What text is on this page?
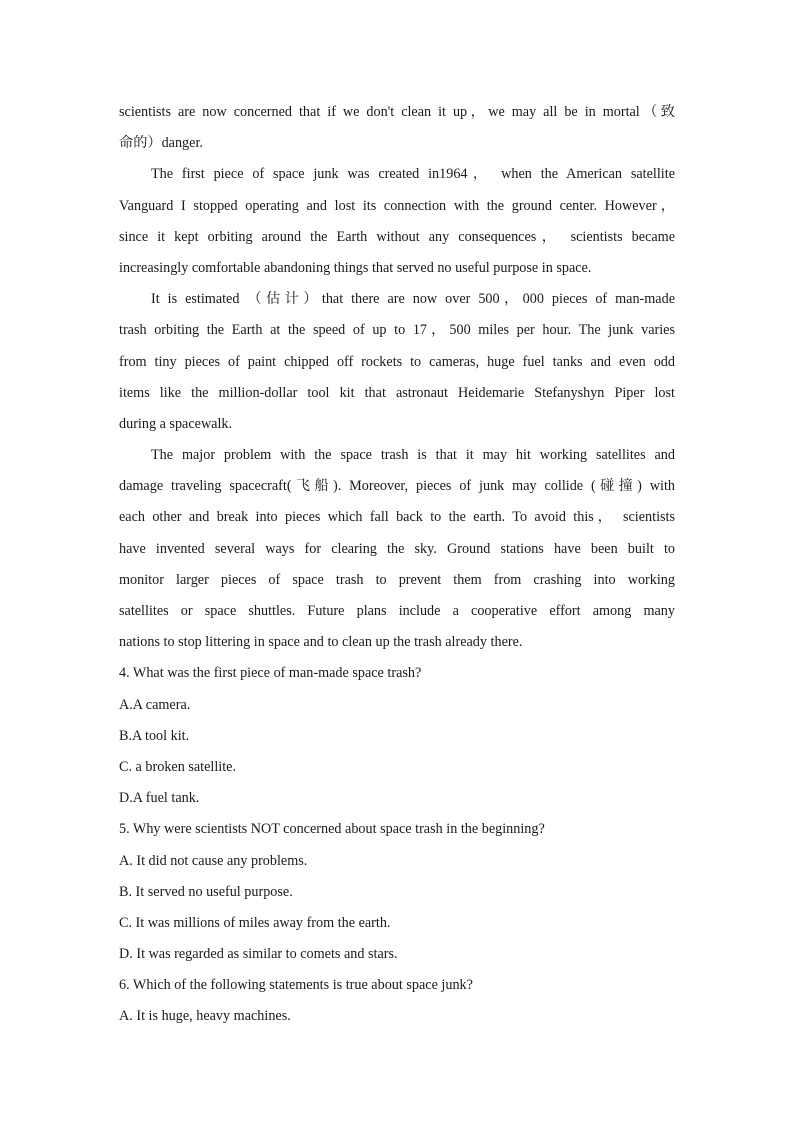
scientists are now concerned that if we don't clean it up，we may all be in mortal（致
命的）danger.
The first piece of space junk was created in1964， when the American satellite
Vanguard I stopped operating and lost its connection with the ground center. However，
since it kept orbiting around the Earth without any consequences， scientists became
increasingly comfortable abandoning things that served no useful purpose in space.
It is estimated （估计）that there are now over 500，000 pieces of man-made
trash orbiting the Earth at the speed of up to 17，500 miles per hour. The junk varies
from tiny pieces of paint chipped off rockets to cameras, huge fuel tanks and even odd
items like the million-dollar tool kit that astronaut Heidemarie Stefanyshyn Piper lost
during a spacewalk.
The major problem with the space trash is that it may hit working satellites and
damage traveling spacecraft(飞船). Moreover, pieces of junk may collide (碰撞) with
each other and break into pieces which fall back to the earth. To avoid this， scientists
have invented several ways for clearing the sky. Ground stations have been built to
monitor larger pieces of space trash to prevent them from crashing into working
satellites or space shuttles. Future plans include a cooperative effort among many
nations to stop littering in space and to clean up the trash already there.
4. What was the first piece of man-made space trash?
A.A camera.
B.A tool kit.
C. a broken satellite.
D.A fuel tank.
5. Why were scientists NOT concerned about space trash in the beginning?
A. It did not cause any problems.
B. It served no useful purpose.
C. It was millions of miles away from the earth.
D. It was regarded as similar to comets and stars.
6. Which of the following statements is true about space junk?
A. It is huge, heavy machines.
